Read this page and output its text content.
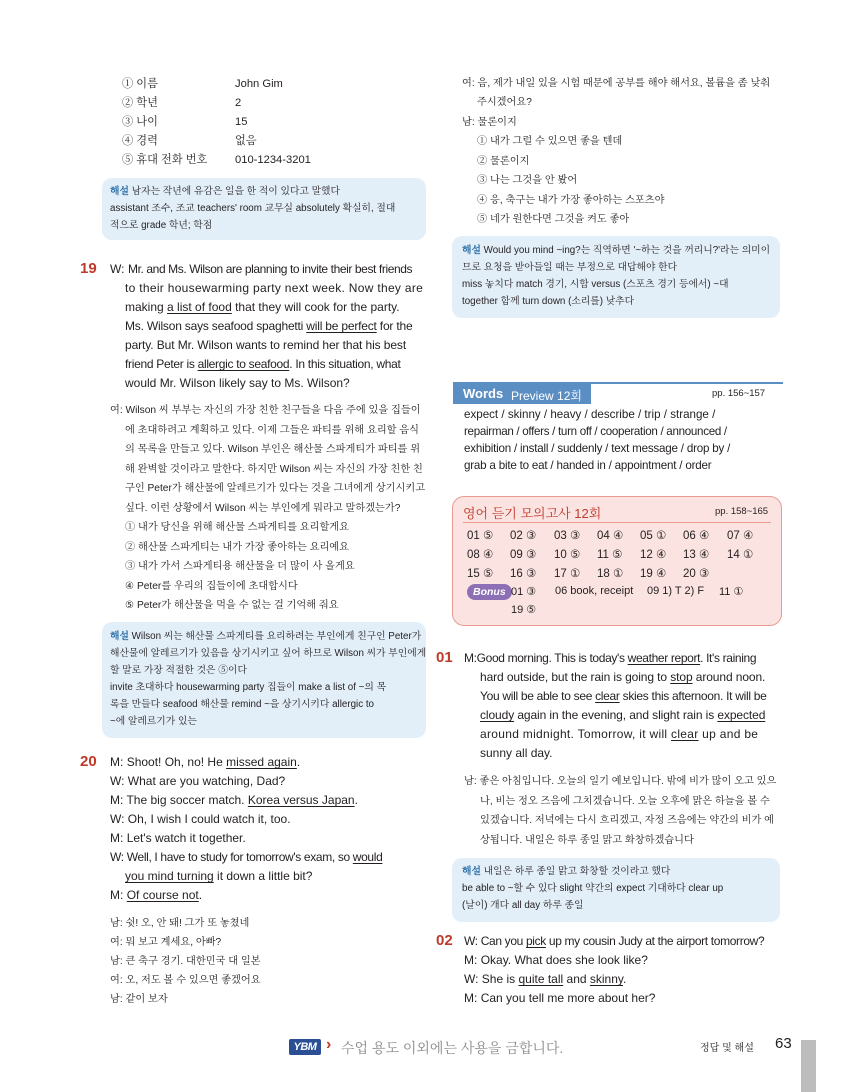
① 이름	John Gim
② 학년	2
③ 나이	15
④ 경력	없음
⑤ 휴대 전화 번호 010-1234-3201
해설 남자는 작년에 유감은 일을 한 적이 있다고 말했다
assistant 조수, 조교 teachers' room 교무실 absolutely 확실히, 절대
적으로 grade 학년; 학점
19 W: Mr. and Ms. Wilson are planning to invite their best friends
to their housewarming party next week. Now they are
making a list of food that they will cook for the party.
Ms. Wilson says seafood spaghetti will be perfect for the
party. But Mr. Wilson wants to remind her that his best
friend Peter is allergic to seafood. In this situation, what
would Mr. Wilson likely say to Ms. Wilson?
여: Wilson 씨 부부는 자신의 가장 친한 친구들을 다음 주에 있을 집들이
에 초대하려고 계획하고 있다. 이제 그들은 파티를 위해 요리할 음식
의 목록을 만들고 있다. Wilson 부인은 해산물 스파게티가 파티를 위
해 완벽할 것이라고 말한다. 하지만 Wilson 씨는 자신의 가장 친한 친
구인 Peter가 해산물에 알레르기가 있다는 것을 그녀에게 상기시키고
싶다. 이런 상황에서 Wilson 씨는 부인에게 뭐라고 말하겠는가?
① 내가 당신을 위해 해산물 스파게티를 요리할게요
② 해산물 스파게티는 내가 가장 좋아하는 요리예요
③ 내가 가서 스파게티용 해산물을 더 많이 사 올게요
④ Peter를 우리의 집들이에 초대합시다
⑤ Peter가 해산물을 먹을 수 없는 걸 기억해 줘요
해설 Wilson 씨는 해산물 스파게티를 요리하려는 부인에게 친구인 Peter가
해산물에 알레르기가 있음을 상기시키고 싶어 하므로 Wilson 씨가 부인에게
할 말로 가장 적절한 것은 ⑤이다
invite 초대하다 housewarming party 집들이 make a list of ~의 목
록을 만들다 seafood 해산물 remind ~을 상기시키다 allergic to
~에 알레르기가 있는
20 M: Shoot! Oh, no! He missed again.
W: What are you watching, Dad?
M: The big soccer match. Korea versus Japan.
W: Oh, I wish I could watch it, too.
M: Let's watch it together.
W: Well, I have to study for tomorrow's exam, so would
you mind turning it down a little bit?
M: Of course not.
남: 쉿! 오, 안 돼! 그가 또 놓쳤네
여: 뭐 보고 계세요, 아빠?
남: 큰 축구 경기. 대한민국 대 일본
여: 오, 저도 볼 수 있으면 좋겠어요
남: 같이 보자
여: 음, 제가 내일 있을 시험 때문에 공부를 해야 해서요, 볼륨을 좀 낮춰
주시겠어요?
남: 물론이지
① 내가 그럴 수 있으면 좋을 텐데
② 물론이지
③ 나는 그것을 안 봤어
④ 응, 축구는 내가 가장 좋아하는 스포츠야
⑤ 네가 원한다면 그것을 켜도 좋아
해설 Would you mind ~ing?는 직역하면 '~하는 것을 꺼리니?'라는 의미이
므로 요청을 받아들일 때는 부정으로 대답해야 한다
miss 놓치다 match 경기, 시합 versus (스포츠 경기 등에서) ~대
together 함께 turn down (소리를) 낮추다
Words Preview 12회	pp. 156~157
expect / skinny / heavy / describe / trip / strange /
repairman / offers / turn off / cooperation / announced /
exhibition / install / suddenly / text message / drop by /
grab a bite to eat / handed in / appointment / order
영어 듣기 모의고사 12회	pp. 158~165
01 ⑤ 02 ③ 03 ③ 04 ④ 05 ① 06 ④ 07 ④
08 ④ 09 ③ 10 ⑤ 11 ⑤ 12 ④ 13 ④ 14 ①
15 ⑤ 16 ③ 17 ① 18 ① 19 ④ 20 ③
Bonus 01 ③ 06 book, receipt 09 1) T 2) F 11 ①
19 ⑤
01 M:Good morning. This is today's weather report. It's raining
hard outside, but the rain is going to stop around noon.
You will be able to see clear skies this afternoon. It will be
cloudy again in the evening, and slight rain is expected
around midnight. Tomorrow, it will clear up and be
sunny all day.
남: 좋은 아침입니다. 오늘의 일기 예보입니다. 밖에 비가 많이 오고 있으
나, 비는 정오 즈음에 그치겠습니다. 오늘 오후에 맑은 하늘을 볼 수
있겠습니다. 저녁에는 다시 흐리겠고, 자정 즈음에는 약간의 비가 예
상됩니다. 내일은 하루 종일 맑고 화창하겠습니다
해설 내일은 하루 종일 맑고 화창할 것이라고 했다
be able to ~할 수 있다 slight 약간의 expect 기대하다 clear up
(날이) 개다 all day 하루 종일
02 W: Can you pick up my cousin Judy at the airport tomorrow?
M: Okay. What does she look like?
W: She is quite tall and skinny.
M: Can you tell me more about her?
YBM › 수업 용도 이외에는 사용을 금합니다.	정답 및 해설 63
